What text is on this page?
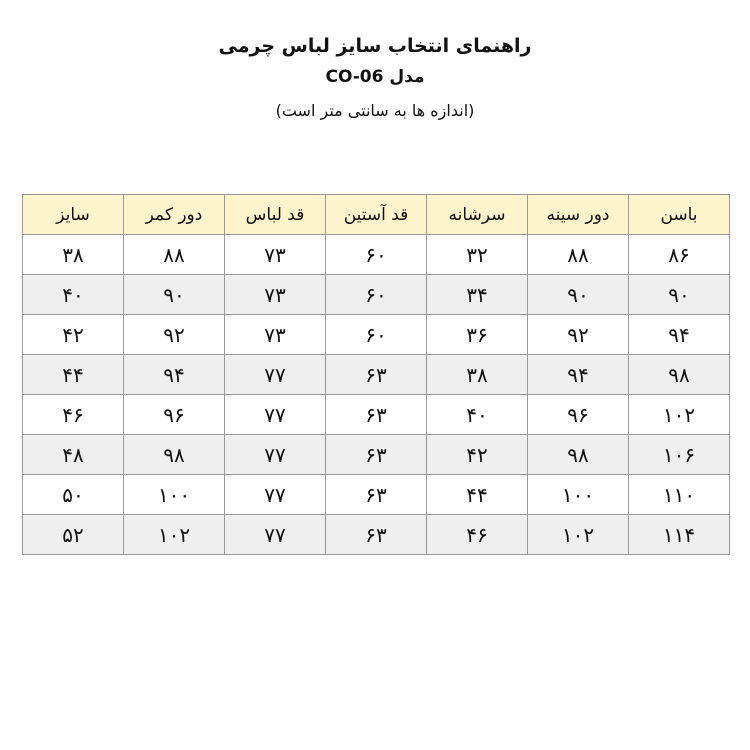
راهنمای انتخاب سایز لباس چرمی
مدل CO-06
(اندازه ها به سانتی متر است)
باسن	دور سینه	سرشانه	قد آستین	قد لباس	دور کمر	سایز
۸۶	۸۸	۳۲	۶۰	۷۳	۸۸	۳۸
۹۰	۹۰	۳۴	۶۰	۷۳	۹۰	۴۰
۹۴	۹۲	۳۶	۶۰	۷۳	۹۲	۴۲
۹۸	۹۴	۳۸	۶۳	۷۷	۹۴	۴۴
۱۰۲	۹۶	۴۰	۶۳	۷۷	۹۶	۴۶
۱۰۶	۹۸	۴۲	۶۳	۷۷	۹۸	۴۸
۱۱۰	۱۰۰	۴۴	۶۳	۷۷	۱۰۰	۵۰
۱۱۴	۱۰۲	۴۶	۶۳	۷۷	۱۰۲	۵۲
